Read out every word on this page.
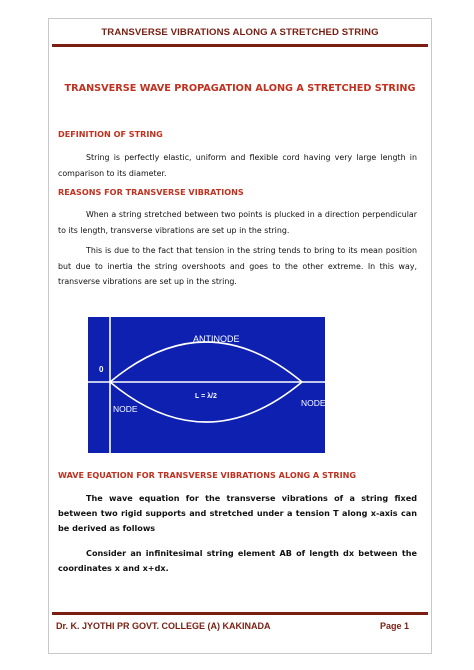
TRANSVERSE VIBRATIONS ALONG A STRETCHED STRING
TRANSVERSE WAVE PROPAGATION ALONG A STRETCHED STRING
DEFINITION OF STRING
String is perfectly elastic, uniform and flexible cord having very large length in comparison to its diameter.
REASONS FOR TRANSVERSE VIBRATIONS
When a string stretched between two points is plucked in a direction perpendicular to its length, transverse vibrations are set up in the string.
This is due to the fact that tension in the string tends to bring to its mean position but due to inertia the string overshoots and goes to the other extreme. In this way, transverse vibrations are set up in the string.
ANTINODE
0
L = λ/2
NODE
NODE
WAVE EQUATION FOR TRANSVERSE VIBRATIONS ALONG A STRING
The wave equation for the transverse vibrations of a string fixed between two rigid supports and stretched under a tension T along x-axis can be derived as follows
Consider an infinitesimal string element AB of length dx between the coordinates x and x+dx.
Dr. K. JYOTHI PR GOVT. COLLEGE (A) KAKINADA	Page 1
